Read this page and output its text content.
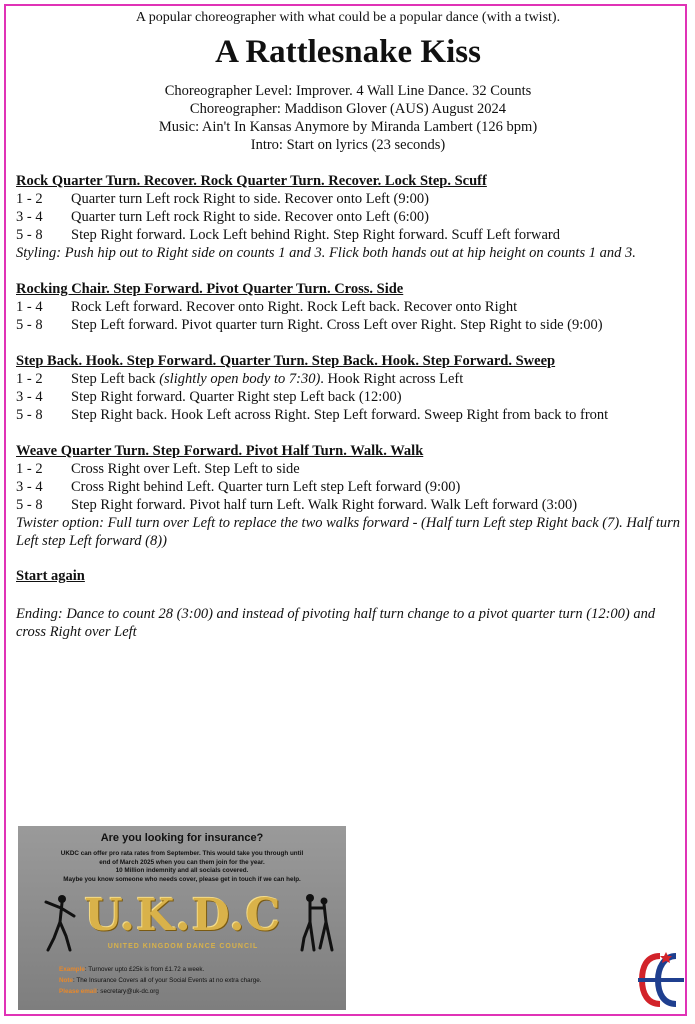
A popular choreographer with what could be a popular dance (with a twist).
A Rattlesnake Kiss
Choreographer Level: Improver. 4 Wall Line Dance. 32 Counts
Choreographer: Maddison Glover (AUS) August 2024
Music: Ain't In Kansas Anymore by Miranda Lambert (126 bpm)
Intro: Start on lyrics (23 seconds)
Rock Quarter Turn. Recover. Rock Quarter Turn. Recover. Lock Step. Scuff
1 - 2	Quarter turn Left rock Right to side. Recover onto Left (9:00)
3 - 4	Quarter turn Left rock Right to side. Recover onto Left (6:00)
5 - 8	Step Right forward. Lock Left behind Right. Step Right forward. Scuff Left forward
Styling: Push hip out to Right side on counts 1 and 3. Flick both hands out at hip height on counts 1 and 3.
Rocking Chair. Step Forward. Pivot Quarter Turn. Cross. Side
1 - 4	Rock Left forward. Recover onto Right. Rock Left back. Recover onto Right
5 - 8	Step Left forward. Pivot quarter turn Right. Cross Left over Right. Step Right to side (9:00)
Step Back. Hook. Step Forward. Quarter Turn. Step Back. Hook. Step Forward. Sweep
1 - 2	Step Left back (slightly open body to 7:30). Hook Right across Left
3 - 4	Step Right forward. Quarter Right step Left back (12:00)
5 - 8	Step Right back. Hook Left across Right. Step Left forward. Sweep Right from back to front
Weave Quarter Turn. Step Forward. Pivot Half Turn. Walk. Walk
1 - 2	Cross Right over Left. Step Left to side
3 - 4	Cross Right behind Left. Quarter turn Left step Left forward (9:00)
5 - 8	Step Right forward. Pivot half turn Left. Walk Right forward. Walk Left forward (3:00)
Twister option: Full turn over Left to replace the two walks forward - (Half turn Left step Right back (7). Half turn Left step Left forward (8))
Start again
Ending: Dance to count 28 (3:00) and instead of pivoting half turn change to a pivot quarter turn (12:00) and cross Right over Left
Are you looking for insurance?
UKDC can offer pro rata rates from September. This would take you through until
end of March 2025 when you can them join for the year.
10 Million indemnity and all socials covered.
Maybe you know someone who needs cover, please get in touch if we can help.
U.K.D.C
UNITED KINGDOM DANCE COUNCIL
Example: Turnover upto £25k is from £1.72 a week.
Note: The Insurance Covers all of your Social Events at no extra charge.
Please email: secretary@uk-dc.org
